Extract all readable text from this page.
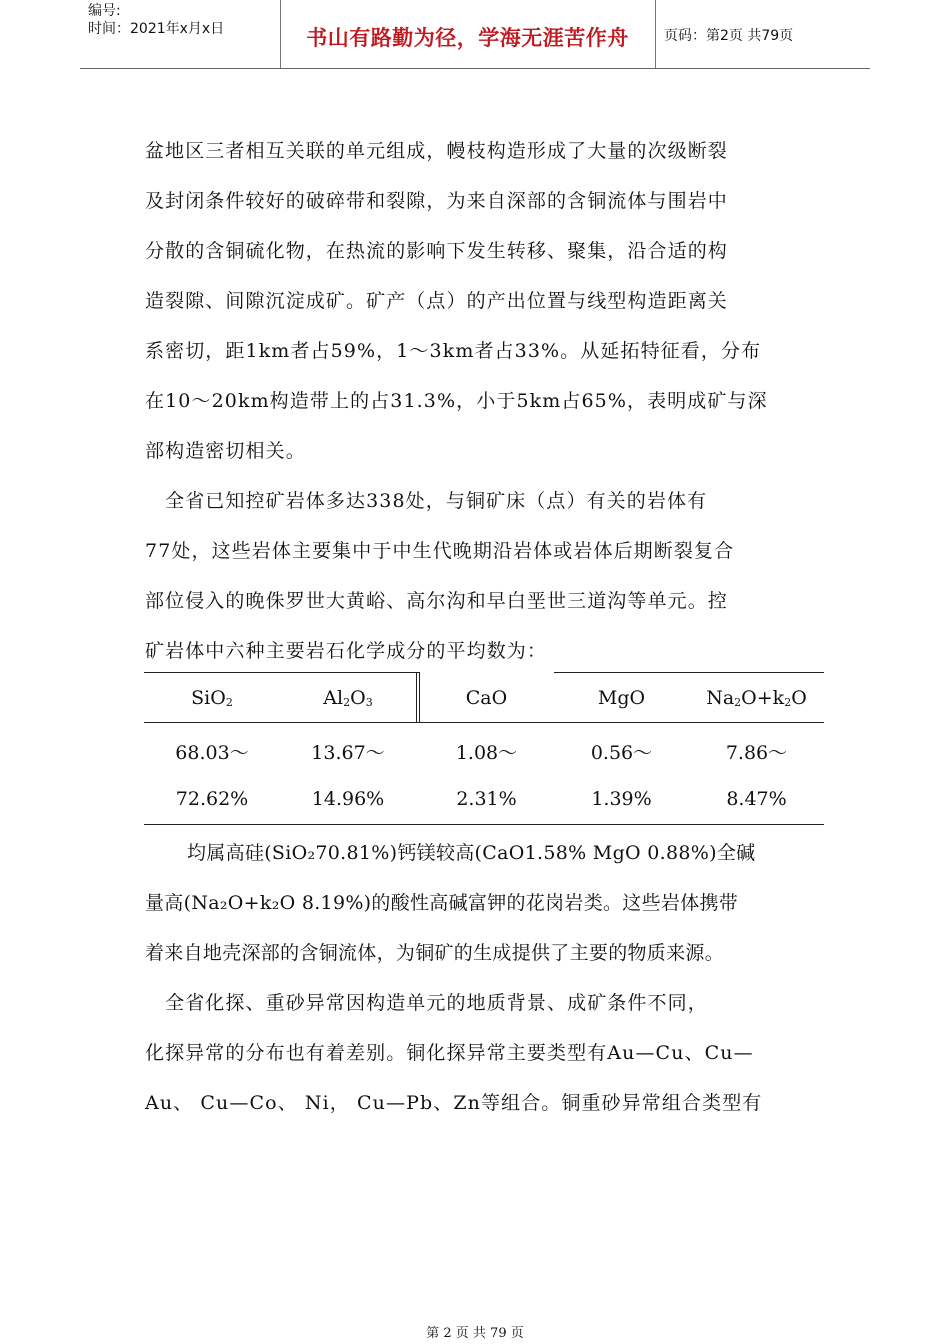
编号:
时间：2021年x月x日	书山有路勤为径，学海无涯苦作舟	页码：第2页 共79页
盆地区三者相互关联的单元组成，幔枝构造形成了大量的次级断裂
及封闭条件较好的破碎带和裂隙，为来自深部的含铜流体与围岩中
分散的含铜硫化物，在热流的影响下发生转移、聚集，沿合适的构
造裂隙、间隙沉淀成矿。矿产（点）的产出位置与线型构造距离关
系密切，距1km者占59%，1～3km者占33%。从延拓特征看，分布
在10～20km构造带上的占31.3%，小于5km占65%，表明成矿与深
部构造密切相关。
　全省已知控矿岩体多达338处，与铜矿床（点）有关的岩体有
77处，这些岩体主要集中于中生代晚期沿岩体或岩体后期断裂复合
部位侵入的晚侏罗世大黄峪、高尔沟和早白垩世三道沟等单元。控
矿岩体中六种主要岩石化学成分的平均数为：
SiO$_2$	$Al_2O_3$	CaO	MgO	$Na_2O+k_2O$
68.03～	13.67～	1.08～	0.56～	7.86～
72.62%	14.96%	2.31%	1.39%	8.47%
均属高硅(SiO₂70.81%)钙镁较高(CaO1.58% MgO 0.88%)全碱
量高(Na₂O+k₂O 8.19%)的酸性高碱富钾的花岗岩类。这些岩体携带
着来自地壳深部的含铜流体，为铜矿的生成提供了主要的物质来源。
　全省化探、重砂异常因构造单元的地质背景、成矿条件不同，
化探异常的分布也有着差别。铜化探异常主要类型有Au—Cu、Cu—
Au、 Cu—Co、 Ni， Cu—Pb、Zn等组合。铜重砂异常组合类型有
第 2 页 共 79 页
